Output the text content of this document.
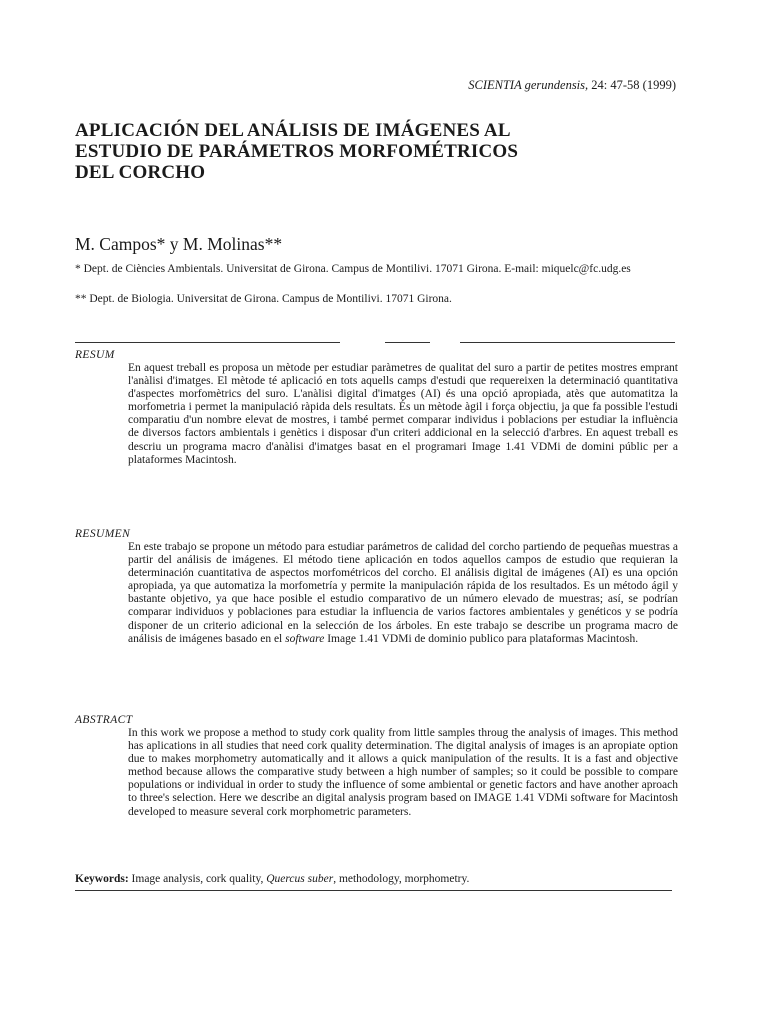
SCIENTIA gerundensis, 24: 47-58 (1999)
APLICACIÓN DEL ANÁLISIS DE IMÁGENES AL
ESTUDIO DE PARÁMETROS MORFOMÉTRICOS
DEL CORCHO
M. Campos* y M. Molinas**
* Dept. de Ciències Ambientals. Universitat de Girona. Campus de Montilivi. 17071 Girona. E-mail: miquelc@fc.udg.es
** Dept. de Biologia. Universitat de Girona. Campus de Montilivi. 17071 Girona.
RESUM
En aquest treball es proposa un mètode per estudiar paràmetres de qualitat del suro a partir de petites mostres emprant l'anàlisi d'imatges. El mètode té aplicació en tots aquells camps d'estudi que requereixen la determinació quantitativa d'aspectes morfomètrics del suro. L'anàlisi digital d'imatges (AI) és una opció apropiada, atès que automatitza la morfometria i permet la manipulació ràpida dels resultats. És un mètode àgil i força objectiu, ja que fa possible l'estudi comparatiu d'un nombre elevat de mostres, i també permet comparar individus i poblacions per estudiar la influència de diversos factors ambientals i genètics i disposar d'un criteri addicional en la selecció d'arbres. En aquest treball es descriu un programa macro d'anàlisi d'imatges basat en el programari Image 1.41 VDMi de domini públic per a plataformes Macintosh.
RESUMEN
En este trabajo se propone un método para estudiar parámetros de calidad del corcho partiendo de pequeñas muestras a partir del análisis de imágenes. El método tiene aplicación en todos aquellos campos de estudio que requieran la determinación cuantitativa de aspectos morfométricos del corcho. El análisis digital de imágenes (AI) es una opción apropiada, ya que automatiza la morfometría y permite la manipulación rápida de los resultados. Es un método ágil y bastante objetivo, ya que hace posible el estudio comparativo de un número elevado de muestras; así, se podrían comparar individuos y poblaciones para estudiar la influencia de varios factores ambientales y genéticos y se podría disponer de un criterio adicional en la selección de los árboles. En este trabajo se describe un programa macro de análisis de imágenes basado en el software Image 1.41 VDMi de dominio publico para plataformas Macintosh.
ABSTRACT
In this work we propose a method to study cork quality from little samples throug the analysis of images. This method has aplications in all studies that need cork quality determination. The digital analysis of images is an apropiate option due to makes morphometry automatically and it allows a quick manipulation of the results. It is a fast and objective method because allows the comparative study between a high number of samples; so it could be possible to compare populations or individual in order to study the influence of some ambiental or genetic factors and have another aproach to three's selection. Here we describe an digital analysis program based on IMAGE 1.41 VDMi software for Macintosh developed to measure several cork morphometric parameters.
Keywords: Image analysis, cork quality, Quercus suber, methodology, morphometry.
